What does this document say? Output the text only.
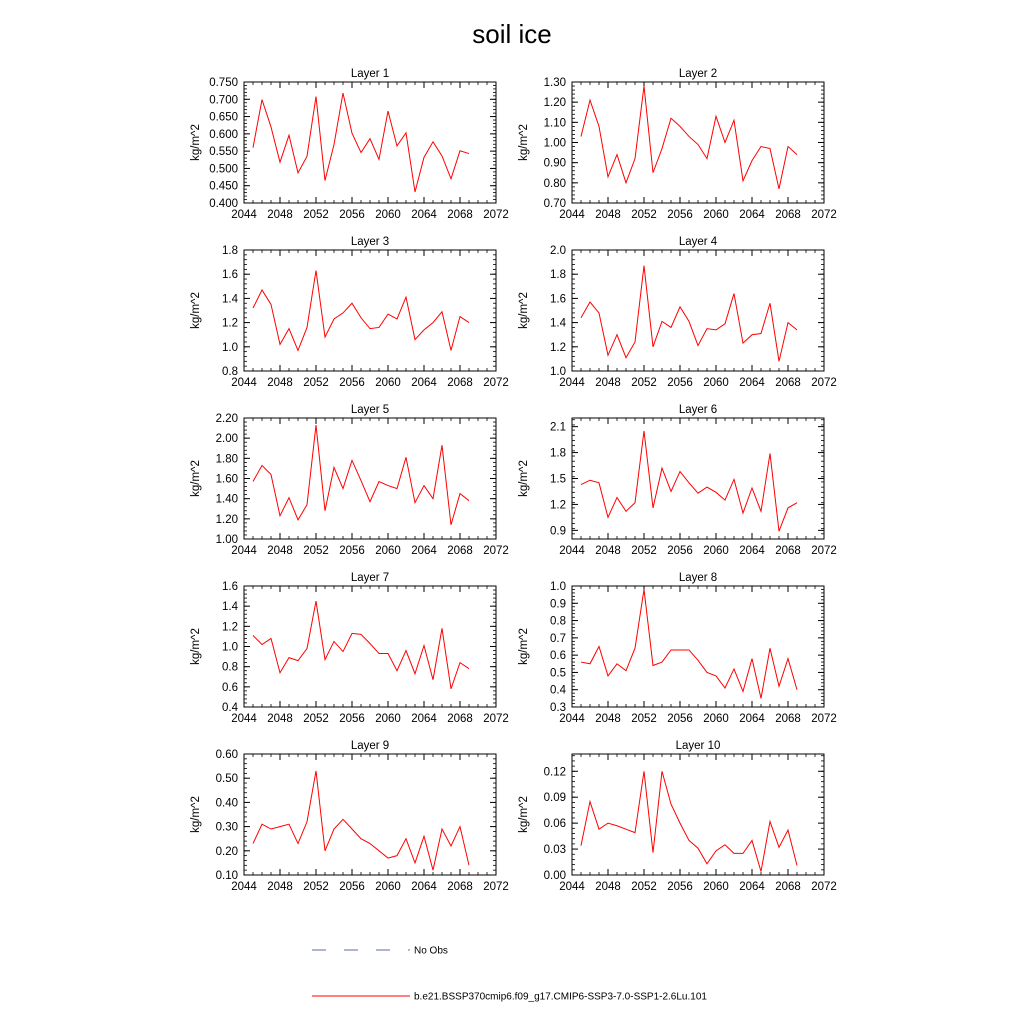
soil ice
Layer 1
kg/m^2
2044 2048 2052 2056 2060 2064 2068 2072
0.400
0.450
0.500
0.550
0.600
0.650
0.700
0.750
Layer 2
kg/m^2
2044 2048 2052 2056 2060 2064 2068 2072
0.70
0.80
0.90
1.00
1.10
1.20
1.30
Layer 3
kg/m^2
2044 2048 2052 2056 2060 2064 2068 2072
0.8
1.0
1.2
1.4
1.6
1.8
Layer 4
kg/m^2
2044 2048 2052 2056 2060 2064 2068 2072
1.0
1.2
1.4
1.6
1.8
2.0
Layer 5
kg/m^2
2044 2048 2052 2056 2060 2064 2068 2072
1.00
1.20
1.40
1.60
1.80
2.00
2.20
Layer 6
kg/m^2
2044 2048 2052 2056 2060 2064 2068 2072
0.9
1.2
1.5
1.8
2.1
Layer 7
kg/m^2
2044 2048 2052 2056 2060 2064 2068 2072
0.4
0.6
0.8
1.0
1.2
1.4
1.6
Layer 8
kg/m^2
2044 2048 2052 2056 2060 2064 2068 2072
0.3
0.4
0.5
0.6
0.7
0.8
0.9
1.0
Layer 9
kg/m^2
2044 2048 2052 2056 2060 2064 2068 2072
0.10
0.20
0.30
0.40
0.50
0.60
Layer 10
kg/m^2
2044 2048 2052 2056 2060 2064 2068 2072
0.00
0.03
0.06
0.09
0.12
No Obs
b.e21.BSSP370cmip6.f09_g17.CMIP6-SSP3-7.0-SSP1-2.6Lu.101
